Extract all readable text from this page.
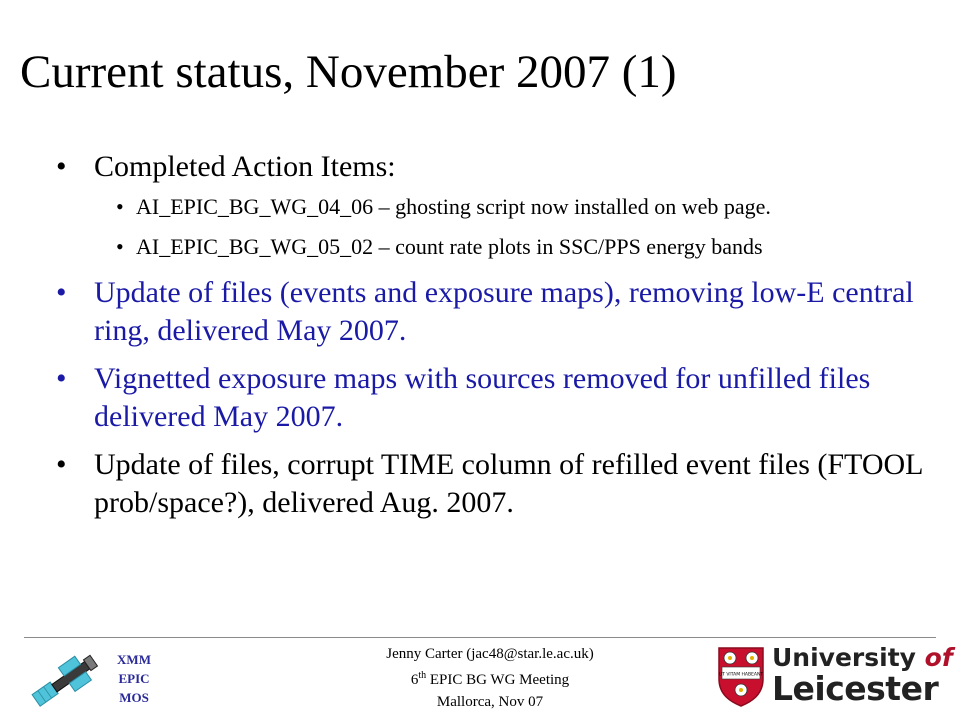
Current status, November 2007 (1)
• Completed Action Items:
• AI_EPIC_BG_WG_04_06 – ghosting script now installed on web page.
• AI_EPIC_BG_WG_05_02 – count rate plots in SSC/PPS energy bands
• Update of files (events and exposure maps), removing low-E central ring, delivered May 2007.
• Vignetted exposure maps with sources removed for unfilled files delivered May 2007.
• Update of files, corrupt TIME column of refilled event files (FTOOL prob/space?), delivered Aug. 2007.
XMM
EPIC
MOS
Jenny Carter (jac48@star.le.ac.uk)
6th EPIC BG WG Meeting
Mallorca, Nov 07
UT VITAM HABEANT
University of
Leicester
